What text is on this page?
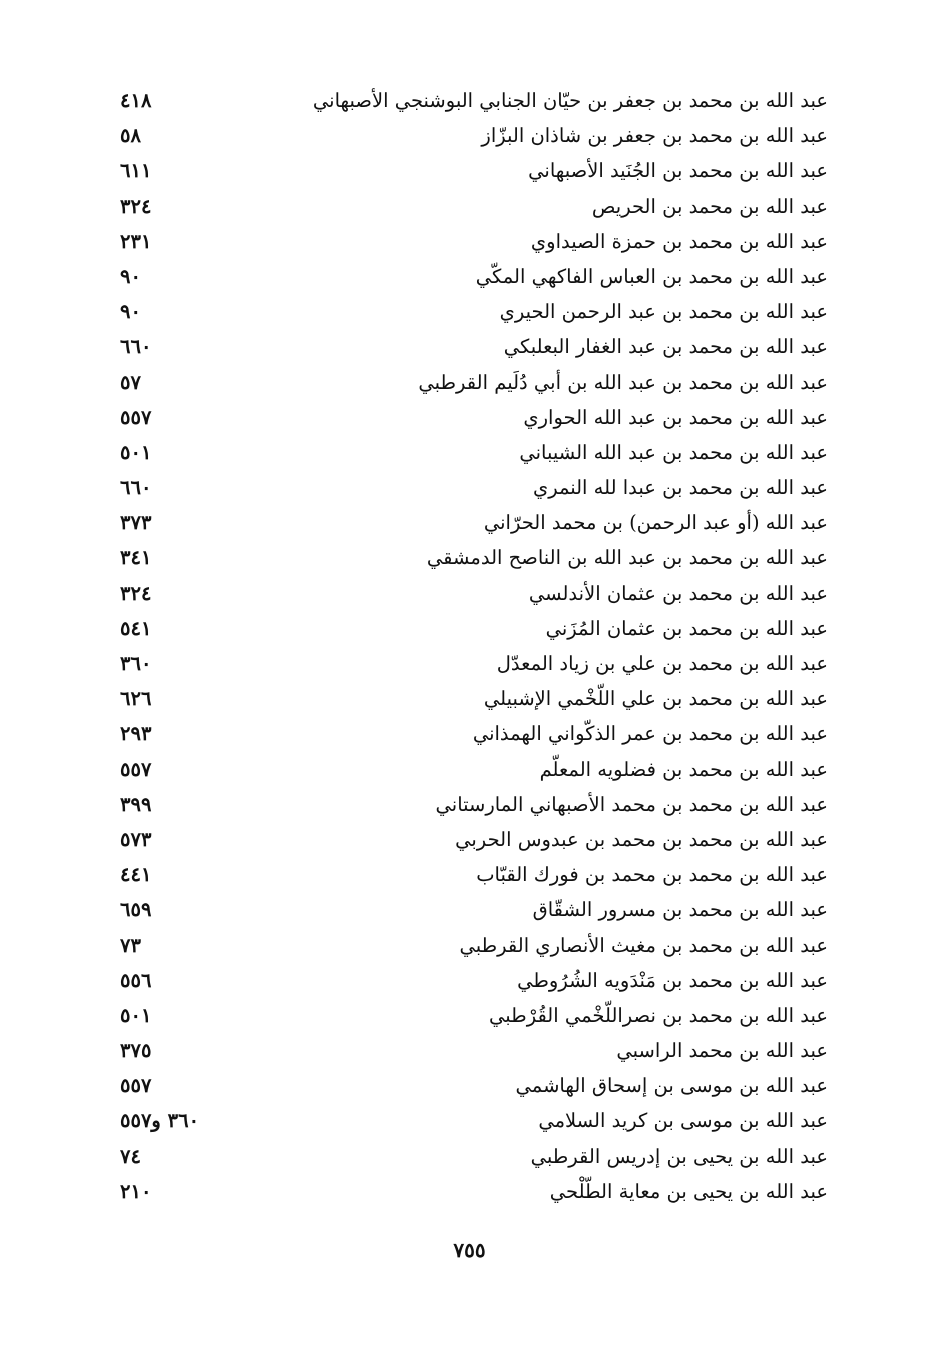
عبد الله بن محمد بن جعفر بن حيّان الجنابي البوشنجي الأصبهاني
٤١٨
عبد الله بن محمد بن جعفر بن شاذان البزّاز
٥٨
عبد الله بن محمد بن الجُنَيد الأصبهاني
٦١١
عبد الله بن محمد بن الحريص
٣٢٤
عبد الله بن محمد بن حمزة الصيداوي
٢٣١
عبد الله بن محمد بن العباس الفاكهي المكّي
٩٠
عبد الله بن محمد بن عبد الرحمن الحيري
٩٠
عبد الله بن محمد بن عبد الغفار البعلبكي
٦٦٠
عبد الله بن محمد بن عبد الله بن أبي دُلَيم القرطبي
٥٧
عبد الله بن محمد بن عبد الله الحواري
٥٥٧
عبد الله بن محمد بن عبد الله الشيباني
٥٠١
عبد الله بن محمد بن عبدا لله النمري
٦٦٠
عبد الله (أو عبد الرحمن) بن محمد الحرّاني
٣٧٣
عبد الله بن محمد بن عبد الله بن الناصح الدمشقي
٣٤١
عبد الله بن محمد بن عثمان الأندلسي
٣٢٤
عبد الله بن محمد بن عثمان المُزَني
٥٤١
عبد الله بن محمد بن علي بن زياد المعدّل
٣٦٠
عبد الله بن محمد بن علي اللّخْمي الإشبيلي
٦٢٦
عبد الله بن محمد بن عمر الذكّواني الهمذاني
٢٩٣
عبد الله بن محمد بن فضلويه المعلّم
٥٥٧
عبد الله بن محمد بن محمد الأصبهاني المارستاني
٣٩٩
عبد الله بن محمد بن محمد بن عبدوس الحربي
٥٧٣
عبد الله بن محمد بن محمد بن فورك القبّاب
٤٤١
عبد الله بن محمد بن مسرور الشقّاق
٦٥٩
عبد الله بن محمد بن مغيث الأنصاري القرطبي
٧٣
عبد الله بن محمد بن مَنْدَويه الشُرُوطي
٥٥٦
عبد الله بن محمد بن نصراللّخْمي القُرْطبي
٥٠١
عبد الله بن محمد الراسبي
٣٧٥
عبد الله بن موسى بن إسحاق الهاشمي
٥٥٧
عبد الله بن موسى بن كريد السلامي
٣٦٠ و٥٥٧
عبد الله بن يحيى بن إدريس القرطبي
٧٤
عبد الله بن يحيى بن معاية الطّلْحي
٢١٠
٧٥٥
